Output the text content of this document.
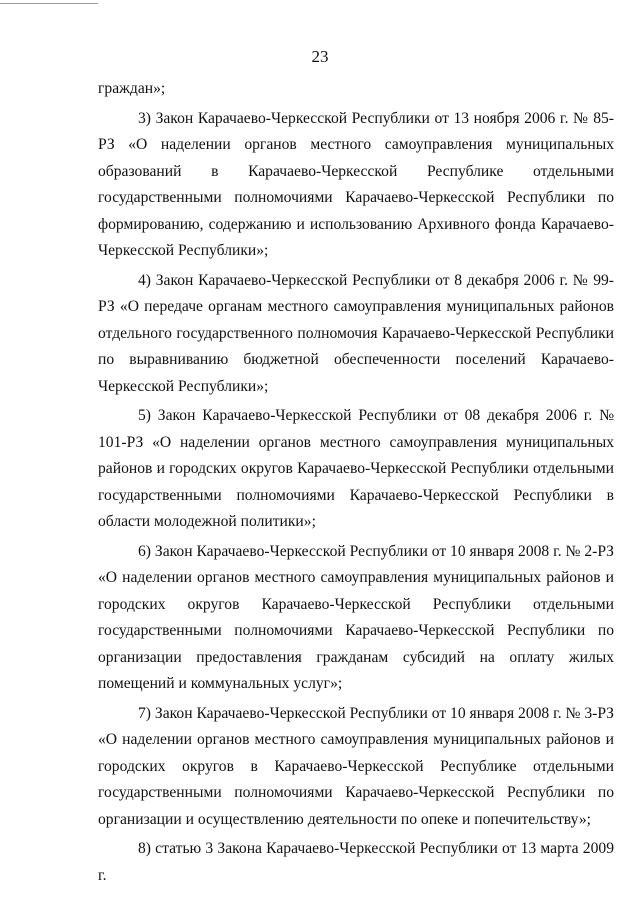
23

граждан»;

3) Закон Карачаево-Черкесской Республики от 13 ноября 2006 г. № 85-РЗ «О наделении органов местного самоуправления муниципальных образований в Карачаево-Черкесской Республике отдельными государственными полномочиями Карачаево-Черкесской Республики по формированию, содержанию и использованию Архивного фонда Карачаево-Черкесской Республики»;

4) Закон Карачаево-Черкесской Республики от 8 декабря 2006 г. № 99-РЗ «О передаче органам местного самоуправления муниципальных районов отдельного государственного полномочия Карачаево-Черкесской Республики по выравниванию бюджетной обеспеченности поселений Карачаево-Черкесской Республики»;

5) Закон Карачаево-Черкесской Республики от 08 декабря 2006 г. № 101-РЗ «О наделении органов местного самоуправления муниципальных районов и городских округов Карачаево-Черкесской Республики отдельными государственными полномочиями Карачаево-Черкесской Республики в области молодежной политики»;

6) Закон Карачаево-Черкесской Республики от 10 января 2008 г. № 2-РЗ «О наделении органов местного самоуправления муниципальных районов и городских округов Карачаево-Черкесской Республики отдельными государственными полномочиями Карачаево-Черкесской Республики по организации предоставления гражданам субсидий на оплату жилых помещений и коммунальных услуг»;

7) Закон Карачаево-Черкесской Республики от 10 января 2008 г. № 3-РЗ «О наделении органов местного самоуправления муниципальных районов и городских округов в Карачаево-Черкесской Республике отдельными государственными полномочиями Карачаево-Черкесской Республики по организации и осуществлению деятельности по опеке и попечительству»;

8) статью 3 Закона Карачаево-Черкесской Республики от 13 марта 2009 г.
